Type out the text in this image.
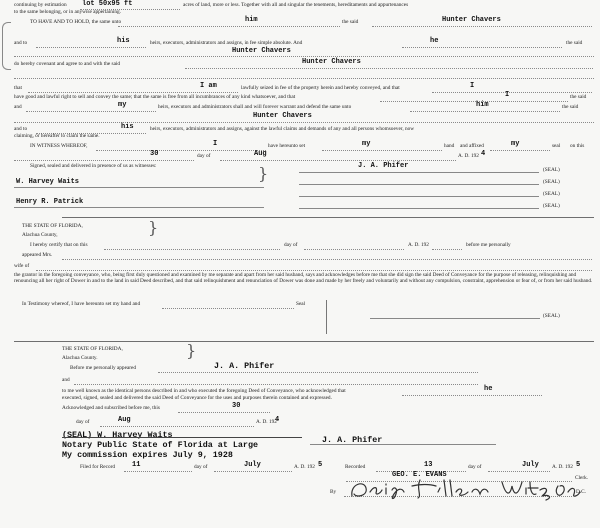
continuing by estimation lot 50x95 ft	acres of land, more or less. Together with all and singular the tenements, hereditaments and appurtenances
to the same belonging, or in anywise appertaining.
TO HAVE AND TO HOLD, the same unto	him	the said	Hunter Chavers
and to	his	heirs, executors, administrators and assigns, in fee simple absolute. And	he	the said
Hunter Chavers
do hereby covenant and agree to and with the said	Hunter Chavers
that	I am	lawfully seized in fee of the property herein and hereby conveyed, and that	I
have good and lawful right to sell and convey the same; that the same is free from all incumbrances of any kind whatsoever, and that	I	the said
and	my	heirs, executors and administrators shall and will forever warrant and defend the same unto	him	the said
Hunter Chavers
and to	his	heirs, executors, administrators and assigns, against the lawful claims and demands of any and all persons whomsoever, now
claiming, or hereafter to claim the same.
IN WITNESS WHEREOF,	I	have hereunto set	my	hand and affixed	my	seal on this
30	day of	Aug	A. D. 192 4
Signed, sealed and delivered in presence of us as witnesses:	J. A. Phifer	(SEAL)
W. Harvey Waits	}	(SEAL)
(SEAL)
Henry R. Patrick	(SEAL)
THE STATE OF FLORIDA,	}
Alachua County,
I hereby certify that on this	day of	A. D. 192	before me personally
appeared Mrs.
wife of
the grantor in the foregoing conveyance, who, being first duly questioned and examined by me separate and apart from her said husband, says and acknowledges before me that she did sign the said Deed of Conveyance for the purpose of releasing, relinquishing and renouncing all her right of Dower in and to the land in said Deed described, and that said relinquishment and renunciation of Dower was done and made by her freely and voluntarily and without any compulsion, constraint, apprehension or fear of, or from her said husband.
In Testimony whereof, I have hereunto set my hand and	Seal
(SEAL)
THE STATE OF FLORIDA,	}
Alachua County.
Before me personally appeared	J. A. Phifer
and
to me well known as the identical persons described in and who executed the foregoing Deed of Conveyance, who acknowledged that	he
executed, signed, sealed and delivered the said Deed of Conveyance for the uses and purposes therein contained and expressed.
Acknowledged and subscribed before me, this	30
day of	Aug	A. D. 192
4
(SEAL) W. Harvey Waits
Notary Public State of Florida at Large
My commission expires July 9, 1928
J. A. Phifer
Filed for Record 11	day of	July	A. D. 192 5	Recorded	13	day of	July A. D. 192 5
GEO. E. EVANS	Clerk.
By	D.C.
